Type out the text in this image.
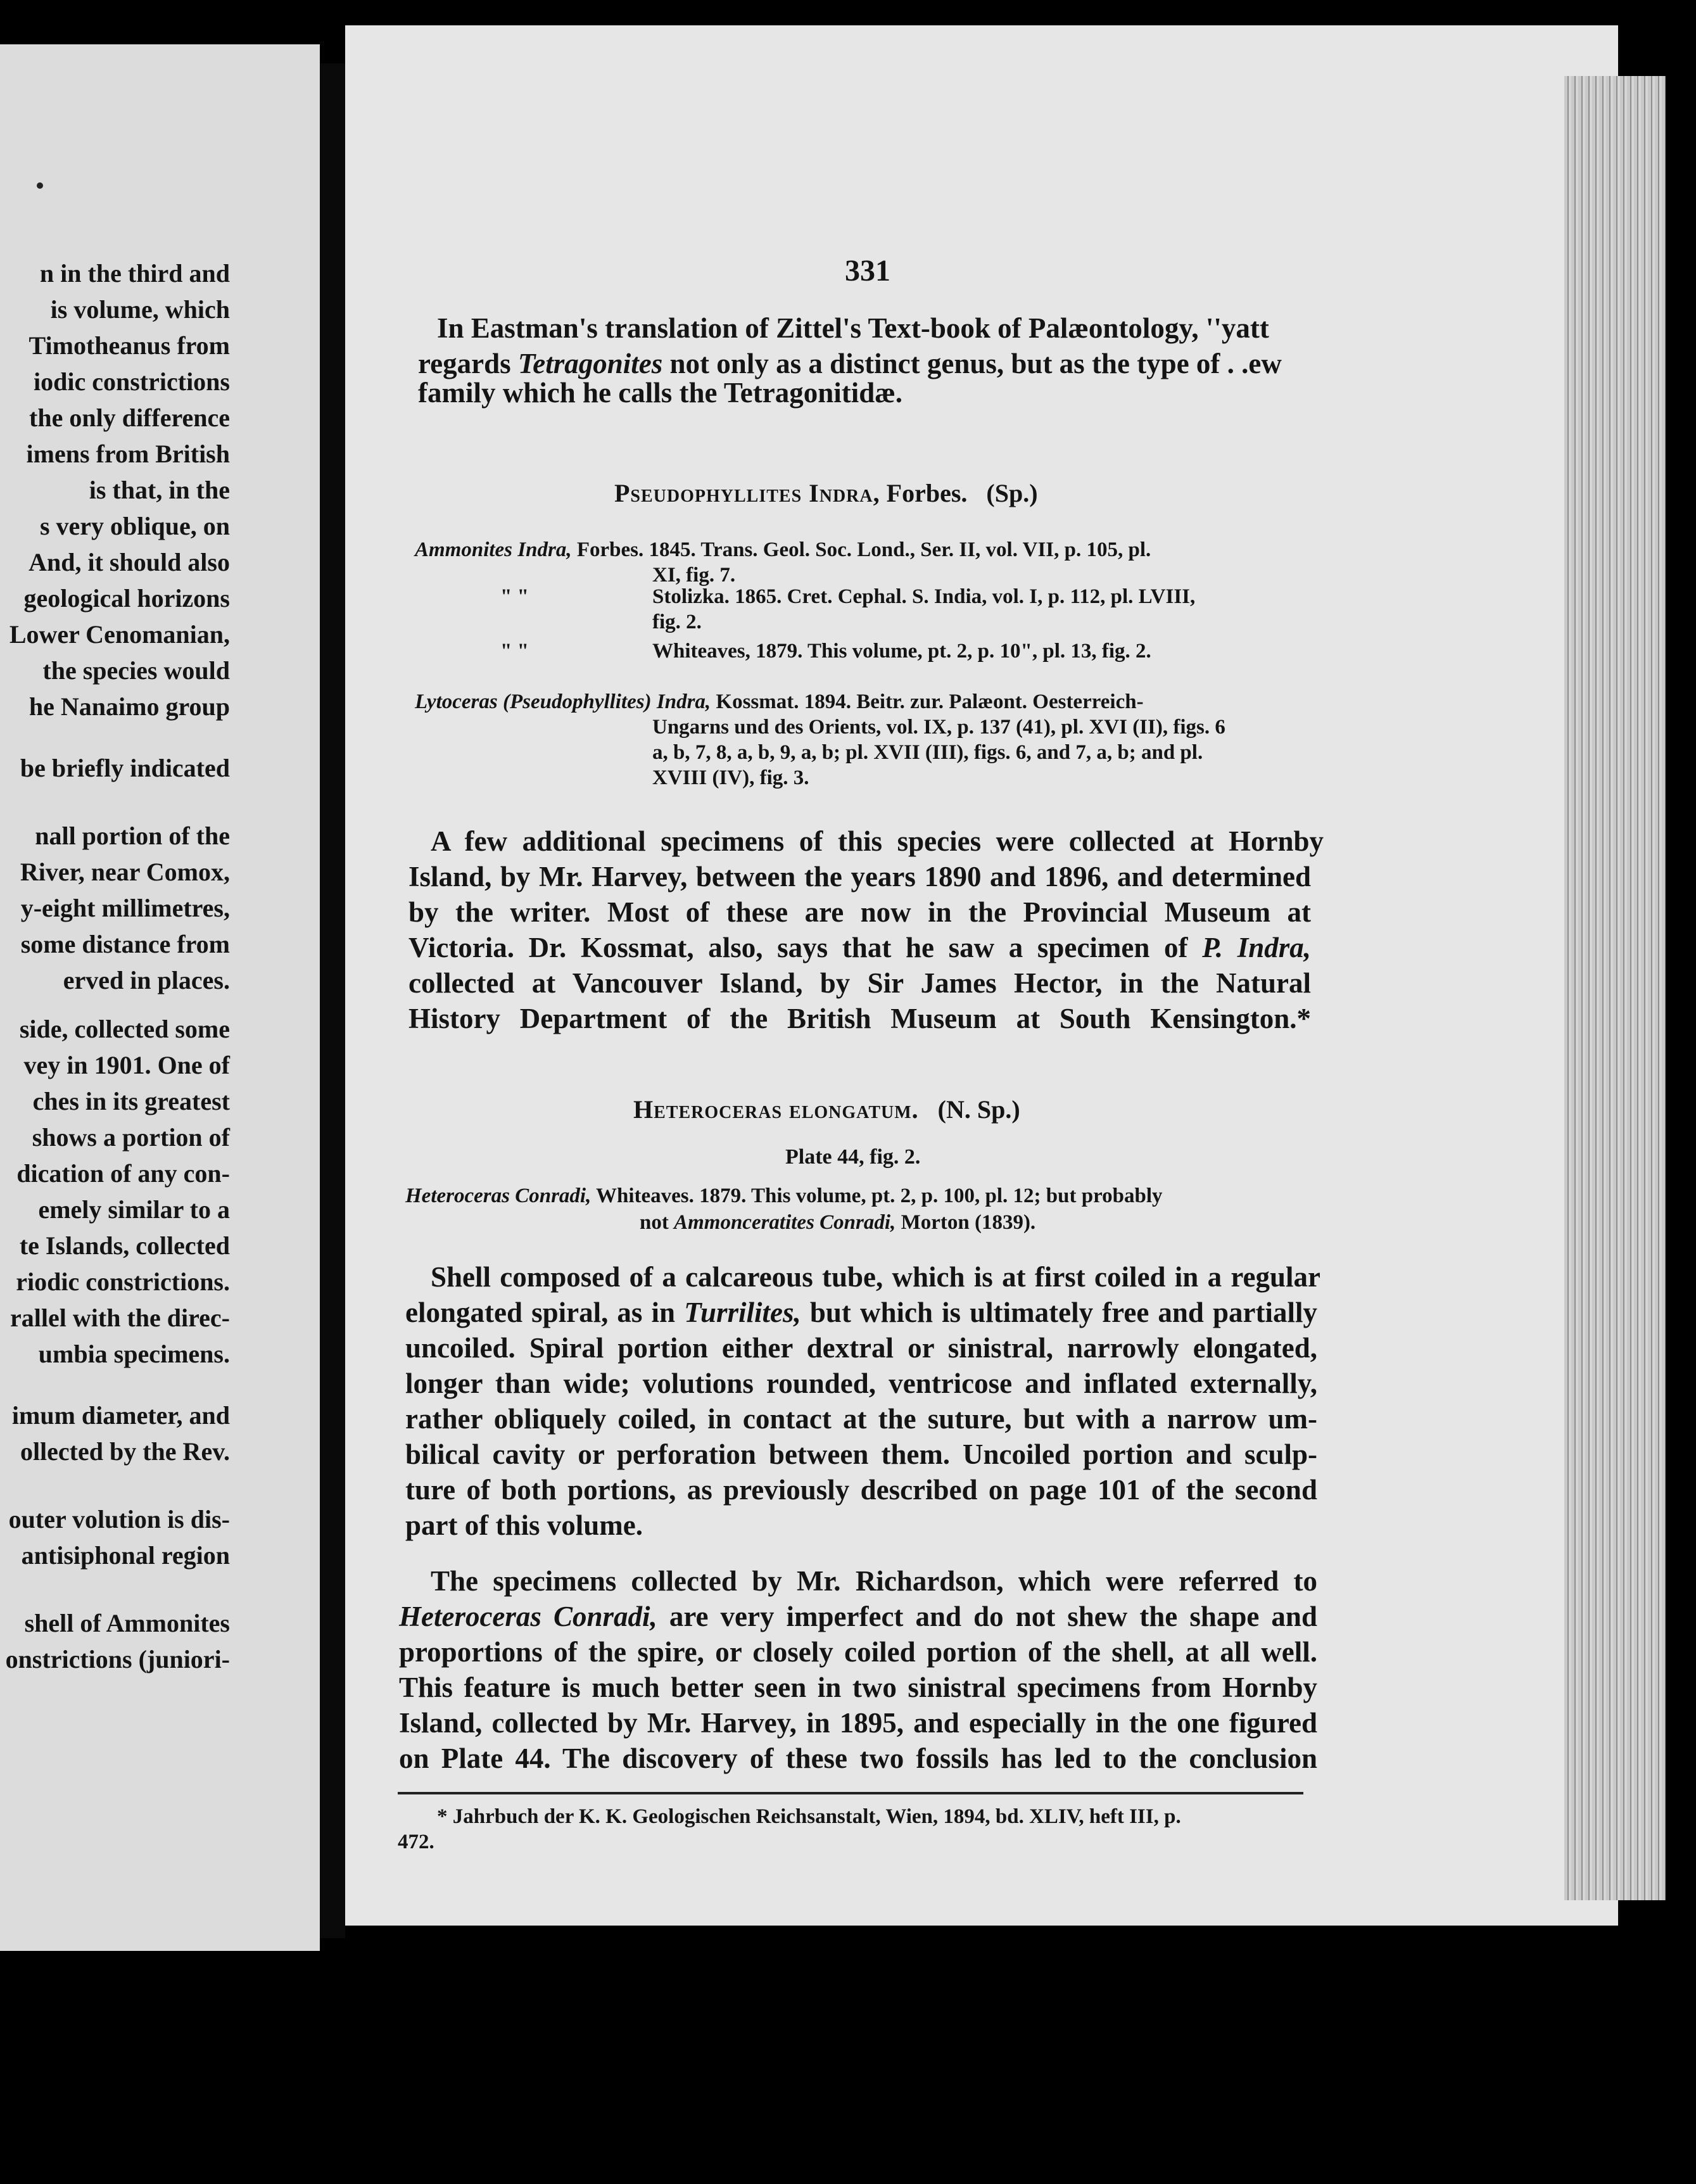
n in the third and
is volume, which
Timotheanus from
iodic constrictions
the only difference
imens from British
is that, in the
s very oblique, on
And, it should also
geological horizons
Lower Cenomanian,
the species would
he Nanaimo group
be briefly indicated
nall portion of the
River, near Comox,
y-eight millimetres,
some distance from
erved in places.
side, collected some
vey in 1901. One of
ches in its greatest
shows a portion of
dication of any con-
emely similar to a
te Islands, collected
riodic constrictions.
rallel with the direc-
umbia specimens.
imum diameter, and
ollected by the Rev.
outer volution is dis-
antisiphonal region
shell of Ammonites
onstrictions (juniori-
331
In Eastman's translation of Zittel's Text-book of Palæontology, ''yatt
regards Tetragonites not only as a distinct genus, but as the type of . .ew
family which he calls the Tetragonitidæ.
Pseudophyllites Indra, Forbes. (Sp.)
Ammonites Indra, Forbes. 1845. Trans. Geol. Soc. Lond., Ser. II, vol. VII, p. 105, pl.
XI, fig. 7.
" "	Stolizka. 1865. Cret. Cephal. S. India, vol. I, p. 112, pl. LVIII,
fig. 2.
" "	Whiteaves, 1879. This volume, pt. 2, p. 10", pl. 13, fig. 2.
Lytoceras (Pseudophyllites) Indra, Kossmat. 1894. Beitr. zur. Palæont. Oesterreich-
Ungarns und des Orients, vol. IX, p. 137 (41), pl. XVI (II), figs. 6
a, b, 7, 8, a, b, 9, a, b; pl. XVII (III), figs. 6, and 7, a, b; and pl.
XVIII (IV), fig. 3.
A few additional specimens of this species were collected at Hornby
Island, by Mr. Harvey, between the years 1890 and 1896, and determined
by the writer. Most of these are now in the Provincial Museum at
Victoria. Dr. Kossmat, also, says that he saw a specimen of P. Indra,
collected at Vancouver Island, by Sir James Hector, in the Natural
History Department of the British Museum at South Kensington.*
Heteroceras elongatum. (N. Sp.)
Plate 44, fig. 2.
Heteroceras Conradi, Whiteaves. 1879. This volume, pt. 2, p. 100, pl. 12; but probably
not Ammonceratites Conradi, Morton (1839).
Shell composed of a calcareous tube, which is at first coiled in a regular
elongated spiral, as in Turrilites, but which is ultimately free and partially
uncoiled. Spiral portion either dextral or sinistral, narrowly elongated,
longer than wide; volutions rounded, ventricose and inflated externally,
rather obliquely coiled, in contact at the suture, but with a narrow um-
bilical cavity or perforation between them. Uncoiled portion and sculp-
ture of both portions, as previously described on page 101 of the second
part of this volume.
The specimens collected by Mr. Richardson, which were referred to
Heteroceras Conradi, are very imperfect and do not shew the shape and
proportions of the spire, or closely coiled portion of the shell, at all well.
This feature is much better seen in two sinistral specimens from Hornby
Island, collected by Mr. Harvey, in 1895, and especially in the one figured
on Plate 44. The discovery of these two fossils has led to the conclusion
* Jahrbuch der K. K. Geologischen Reichsanstalt, Wien, 1894, bd. XLIV, heft III, p.
472.
